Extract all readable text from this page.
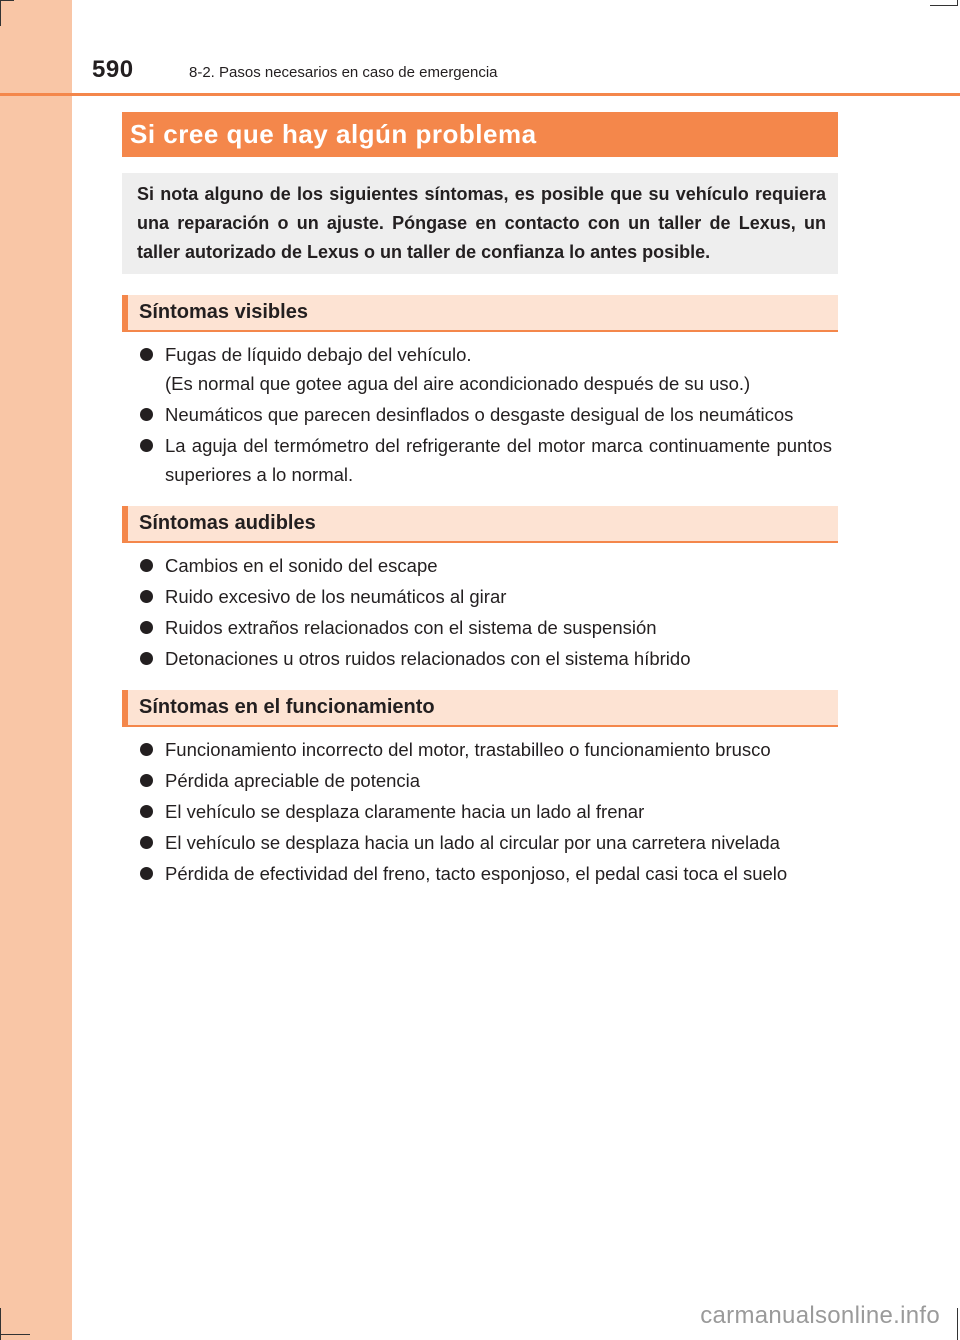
590	8-2. Pasos necesarios en caso de emergencia
Si cree que hay algún problema
Si nota alguno de los siguientes síntomas, es posible que su vehículo requiera una reparación o un ajuste. Póngase en contacto con un taller de Lexus, un taller autorizado de Lexus o un taller de confianza lo antes posible.
Síntomas visibles
Fugas de líquido debajo del vehículo.
(Es normal que gotee agua del aire acondicionado después de su uso.)
Neumáticos que parecen desinflados o desgaste desigual de los neumáticos
La aguja del termómetro del refrigerante del motor marca continuamente puntos superiores a lo normal.
Síntomas audibles
Cambios en el sonido del escape
Ruido excesivo de los neumáticos al girar
Ruidos extraños relacionados con el sistema de suspensión
Detonaciones u otros ruidos relacionados con el sistema híbrido
Síntomas en el funcionamiento
Funcionamiento incorrecto del motor, trastabilleo o funcionamiento brusco
Pérdida apreciable de potencia
El vehículo se desplaza claramente hacia un lado al frenar
El vehículo se desplaza hacia un lado al circular por una carretera nivelada
Pérdida de efectividad del freno, tacto esponjoso, el pedal casi toca el suelo
carmanualsonline.info
